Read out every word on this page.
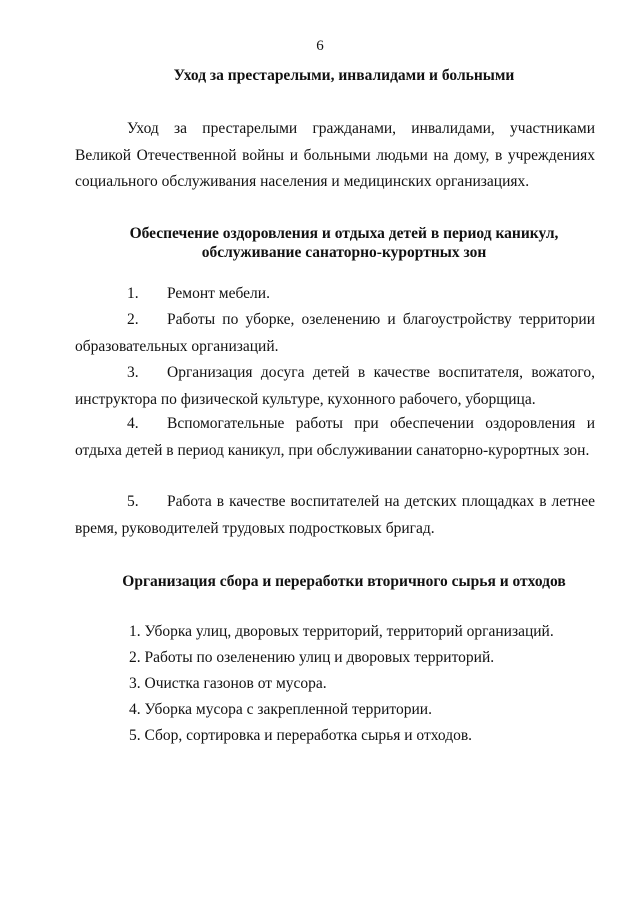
6
Уход за престарелыми, инвалидами и больными
Уход за престарелыми гражданами, инвалидами, участниками Великой Отечественной войны и больными людьми на дому, в учреждениях социального обслуживания населения и медицинских организациях.
Обеспечение оздоровления и отдыха детей в период каникул,
обслуживание санаторно-курортных зон
1. Ремонт мебели.
2. Работы по уборке, озеленению и благоустройству территории образовательных организаций.
3. Организация досуга детей в качестве воспитателя, вожатого, инструктора по физической культуре, кухонного рабочего, уборщица.
4. Вспомогательные работы при обеспечении оздоровления и отдыха детей в период каникул, при обслуживании санаторно-курортных зон.
5. Работа в качестве воспитателей на детских площадках в летнее время, руководителей трудовых подростковых бригад.
Организация сбора и переработки вторичного сырья и отходов
1. Уборка улиц, дворовых территорий, территорий организаций.
2. Работы по озеленению улиц и дворовых территорий.
3. Очистка газонов от мусора.
4. Уборка мусора с закрепленной территории.
5. Сбор, сортировка и переработка сырья и отходов.
